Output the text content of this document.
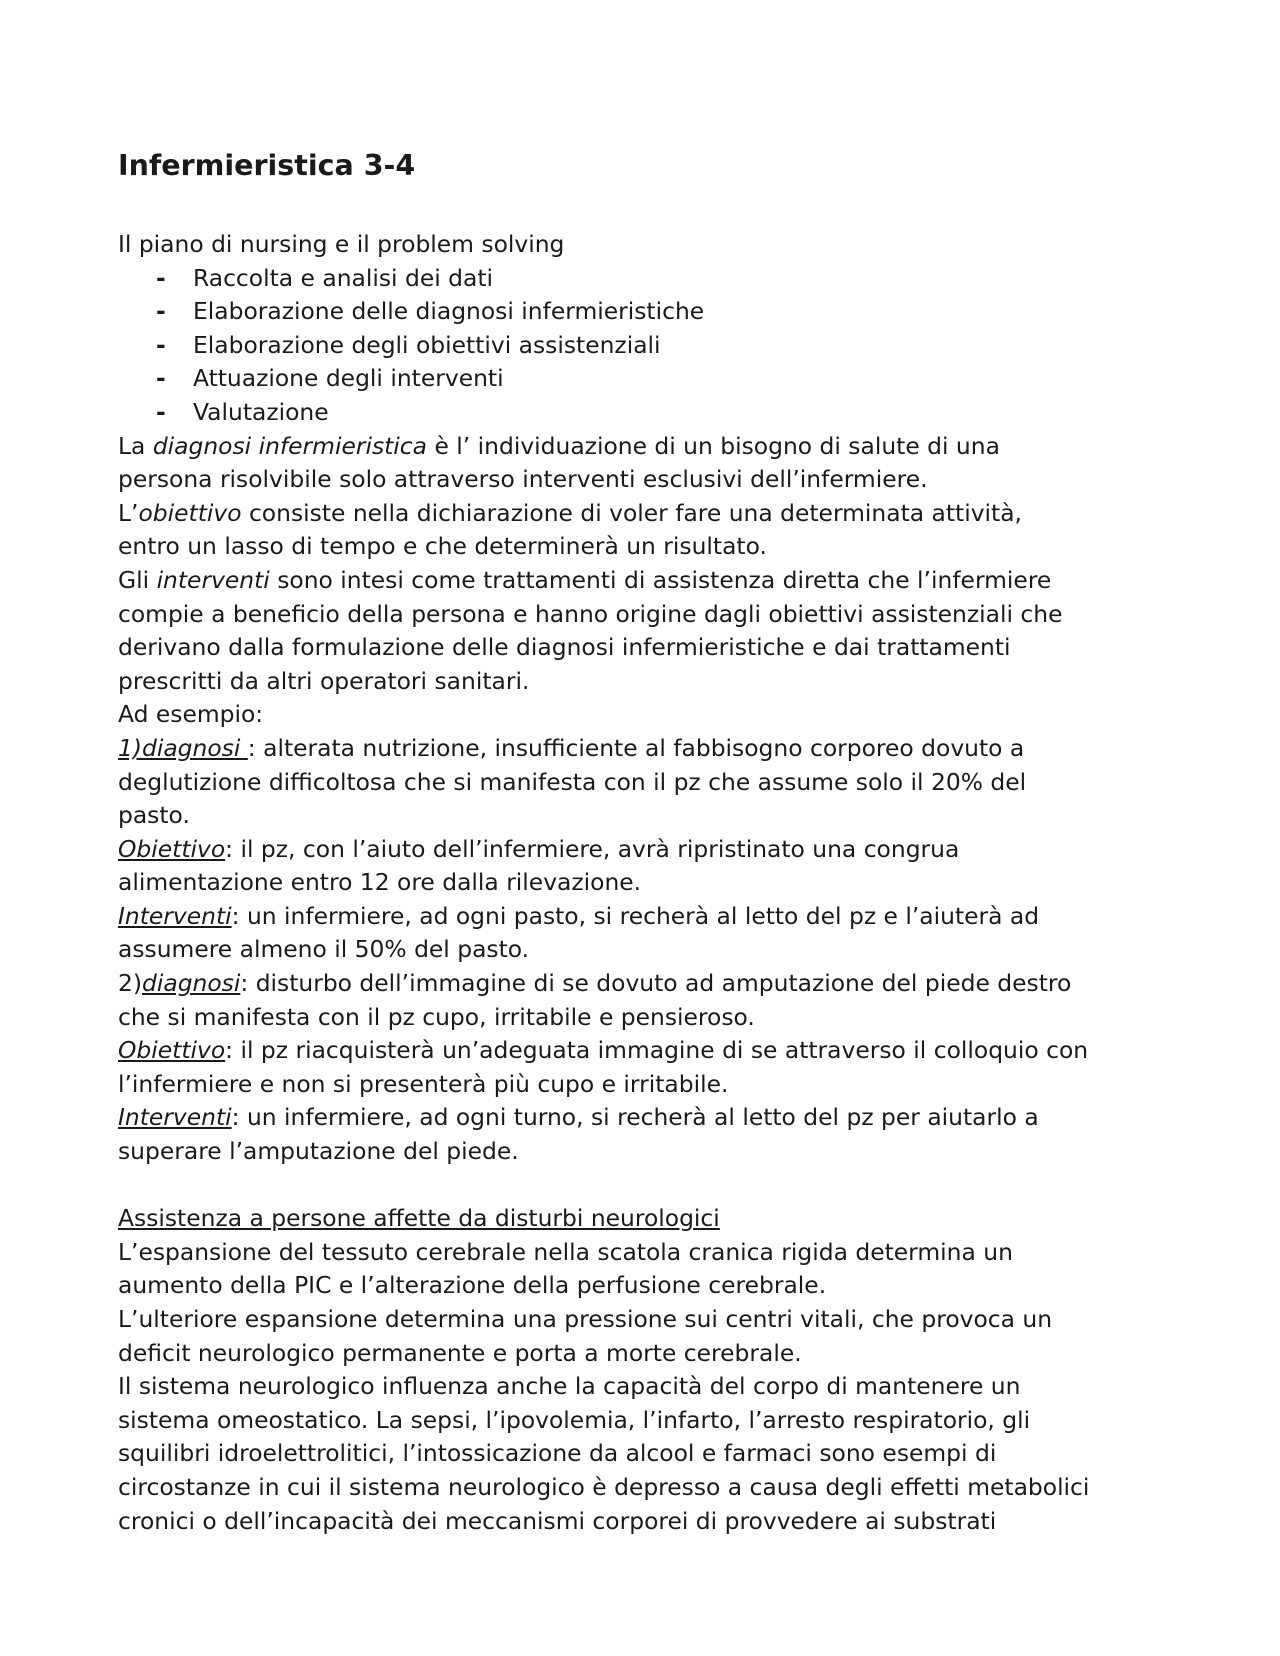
Infermieristica 3-4
Il piano di nursing e il problem solving
- Raccolta e analisi dei dati
- Elaborazione delle diagnosi infermieristiche
- Elaborazione degli obiettivi assistenziali
- Attuazione degli interventi
- Valutazione
La diagnosi infermieristica è l’ individuazione di un bisogno di salute di una
persona risolvibile solo attraverso interventi esclusivi dell’infermiere.
L’obiettivo consiste nella dichiarazione di voler fare una determinata attività,
entro un lasso di tempo e che determinerà un risultato.
Gli interventi sono intesi come trattamenti di assistenza diretta che l’infermiere
compie a beneficio della persona e hanno origine dagli obiettivi assistenziali che
derivano dalla formulazione delle diagnosi infermieristiche e dai trattamenti
prescritti da altri operatori sanitari.
Ad esempio:
1)diagnosi : alterata nutrizione, insufficiente al fabbisogno corporeo dovuto a
deglutizione difficoltosa che si manifesta con il pz che assume solo il 20% del
pasto.
Obiettivo: il pz, con l’aiuto dell’infermiere, avrà ripristinato una congrua
alimentazione entro 12 ore dalla rilevazione.
Interventi: un infermiere, ad ogni pasto, si recherà al letto del pz e l’aiuterà ad
assumere almeno il 50% del pasto.
2)diagnosi: disturbo dell’immagine di se dovuto ad amputazione del piede destro
che si manifesta con il pz cupo, irritabile e pensieroso.
Obiettivo: il pz riacquisterà un’adeguata immagine di se attraverso il colloquio con
l’infermiere e non si presenterà più cupo e irritabile.
Interventi: un infermiere, ad ogni turno, si recherà al letto del pz per aiutarlo a
superare l’amputazione del piede.
Assistenza a persone affette da disturbi neurologici
L’espansione del tessuto cerebrale nella scatola cranica rigida determina un
aumento della PIC e l’alterazione della perfusione cerebrale.
L’ulteriore espansione determina una pressione sui centri vitali, che provoca un
deficit neurologico permanente e porta a morte cerebrale.
Il sistema neurologico influenza anche la capacità del corpo di mantenere un
sistema omeostatico. La sepsi, l’ipovolemia, l’infarto, l’arresto respiratorio, gli
squilibri idroelettrolitici, l’intossicazione da alcool e farmaci sono esempi di
circostanze in cui il sistema neurologico è depresso a causa degli effetti metabolici
cronici o dell’incapacità dei meccanismi corporei di provvedere ai substrati
